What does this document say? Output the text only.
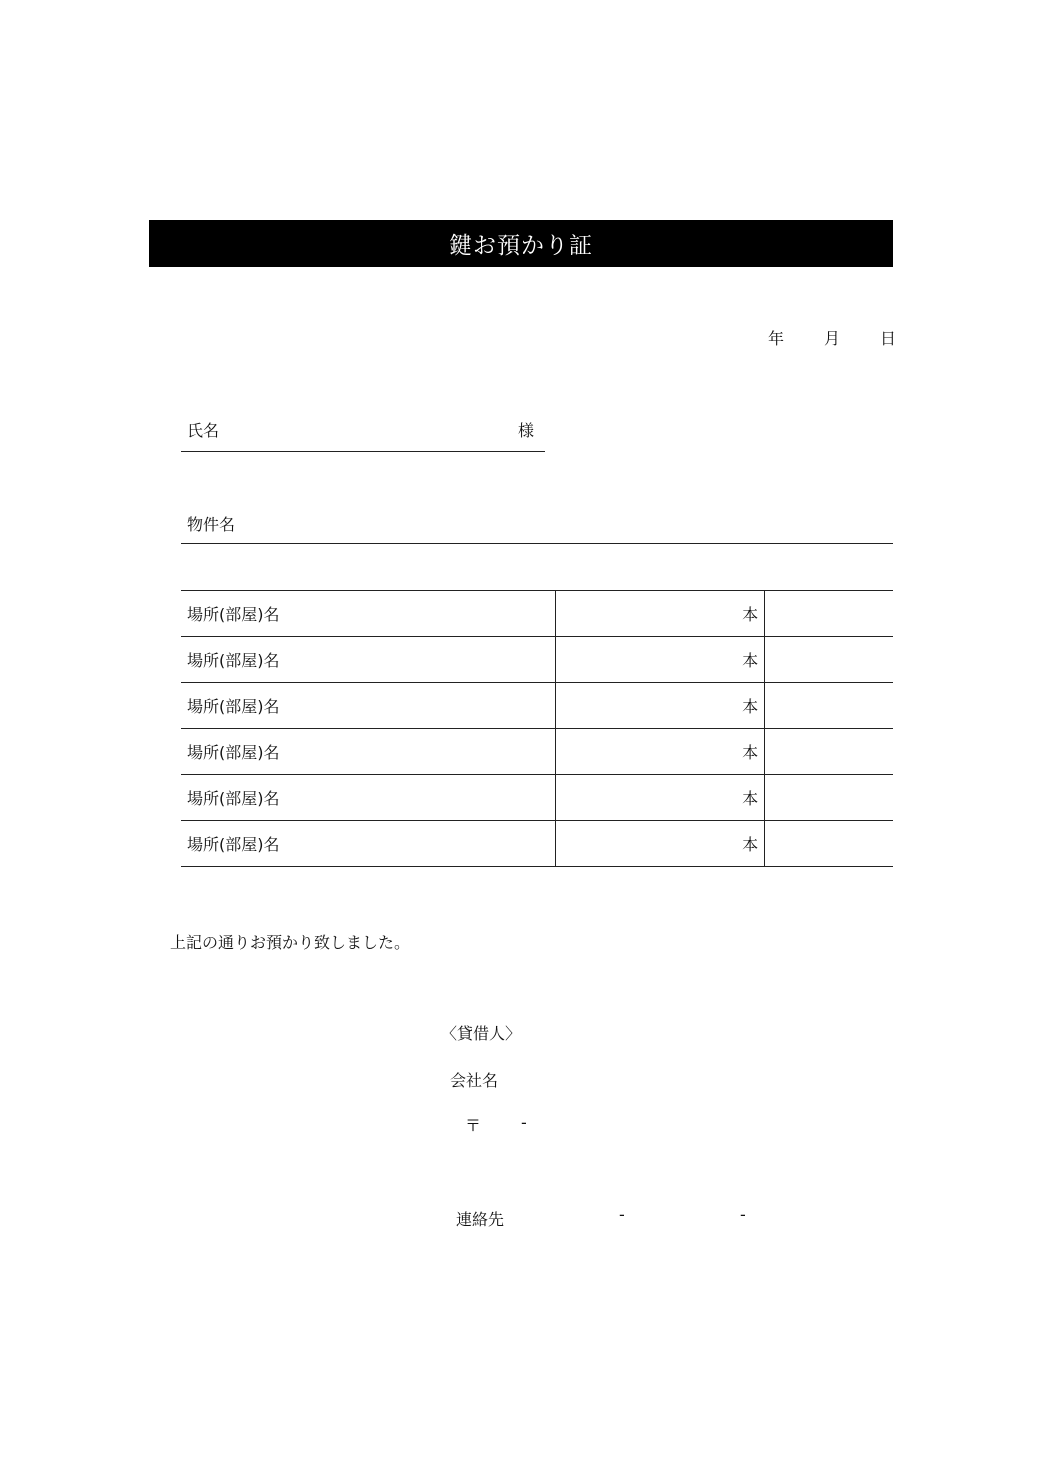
鍵お預かり証
年 月 日
氏名	様
物件名
場所(部屋)名	本	
場所(部屋)名	本	
場所(部屋)名	本	
場所(部屋)名	本	
場所(部屋)名	本	
場所(部屋)名	本	
上記の通りお預かり致しました。
〈貸借人〉
会社名
〒 -
連絡先	-	-
